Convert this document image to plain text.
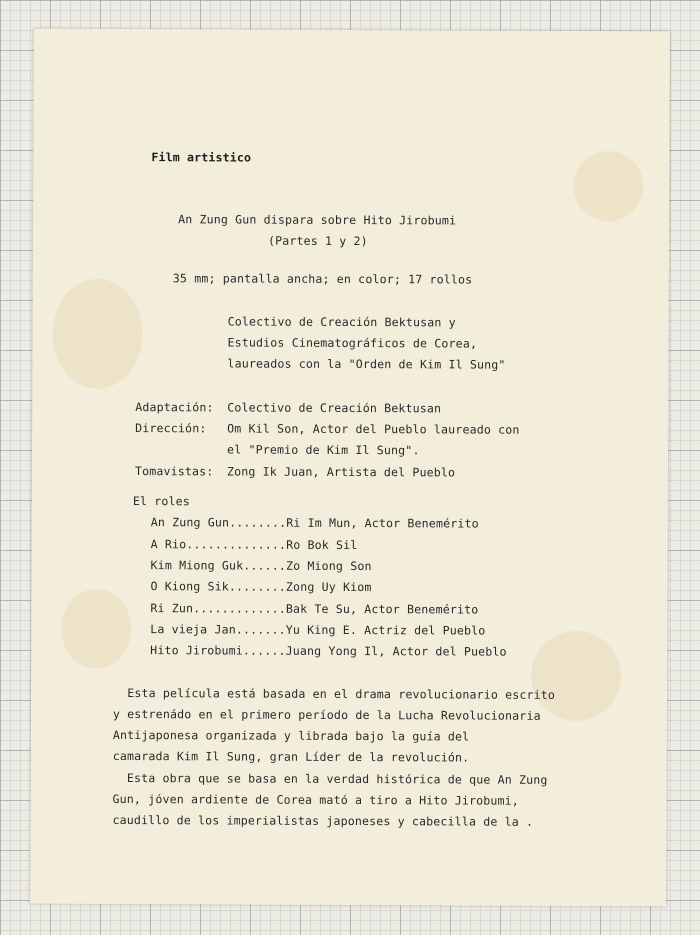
Film artistico

An Zung Gun dispara sobre Hito Jirobumi

(Partes 1 y 2)

35 mm; pantalla ancha; en color; 17 rollos

Colectivo de Creación Bektusan y

Estudios Cinematográficos de Corea,

laureados con la "Orden de Kim Il Sung"

Adaptación: Colectivo de Creación Bektusan

Dirección: Om Kil Son, Actor del Pueblo laureado con

el "Premio de Kim Il Sung".

Tomavistas: Zong Ik Juan, Artista del Pueblo

El roles

An Zung Gun........Ri Im Mun, Actor Benemérito

A Rio..............Ro Bok Sil

Kim Miong Guk......Zo Miong Son

O Kiong Sik........Zong Uy Kiom

Ri Zun.............Bak Te Su, Actor Benemérito

La vieja Jan.......Yu King E. Actriz del Pueblo

Hito Jirobumi......Juang Yong Il, Actor del Pueblo

Esta película está basada en el drama revolucionario escrito

y estrenádo en el primero período de la Lucha Revolucionaria

Antijaponesa organizada y librada bajo la guía del

camarada Kim Il Sung, gran Líder de la revolución.

Esta obra que se basa en la verdad histórica de que An Zung

Gun, jóven ardiente de Corea mató a tiro a Hito Jirobumi,

caudillo de los imperialistas japoneses y cabecilla de la .
